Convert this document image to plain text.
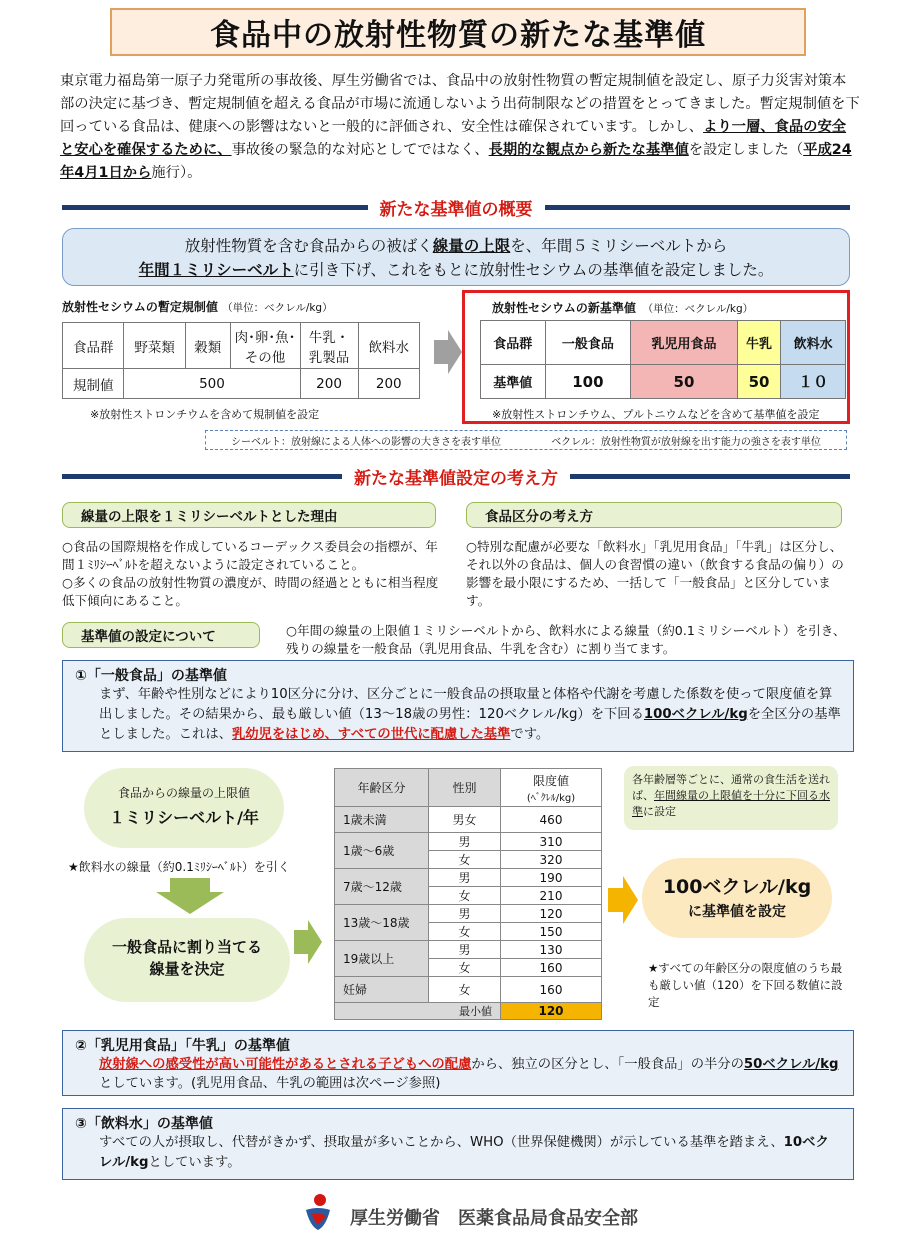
食品中の放射性物質の新たな基準値
東京電力福島第一原子力発電所の事故後、厚生労働省では、食品中の放射性物質の暫定規制値を設定し、原子力災害対策本部の決定に基づき、暫定規制値を超える食品が市場に流通しないよう出荷制限などの措置をとってきました。暫定規制値を下回っている食品は、健康への影響はないと一般的に評価され、安全性は確保されています。しかし、より一層、食品の安全と安心を確保するために、事故後の緊急的な対応としてではなく、長期的な観点から新たな基準値を設定しました（平成24年4月1日から施行）。
新たな基準値の概要
放射性物質を含む食品からの被ばく線量の上限を、年間５ミリシーベルトから
年間１ミリシーベルトに引き下げ、これをもとに放射性セシウムの基準値を設定しました。
放射性セシウムの暫定規制値 （単位：ベクレル/kg）
食品群	野菜類	穀類	肉･卵･魚･その他	牛乳・乳製品	飲料水
規制値	500			200	200
※放射性ストロンチウムを含めて規制値を設定
放射性セシウムの新基準値　 （単位：ベクレル/kg）
食品群	一般食品	乳児用食品	牛乳	飲料水
基準値	100	50	50	１０
※放射性ストロンチウム、プルトニウムなどを含めて基準値を設定
シーベルト：放射線による人体への影響の大きさを表す単位	ベクレル：放射性物質が放射線を出す能力の強さを表す単位
新たな基準値設定の考え方
線量の上限を１ミリシーベルトとした理由
○食品の国際規格を作成しているコーデックス委員会の指標が、年間１ﾐﾘｼｰﾍﾞﾙﾄを超えないように設定されていること。
○多くの食品の放射性物質の濃度が、時間の経過とともに相当程度低下傾向にあること。
食品区分の考え方
○特別な配慮が必要な「飲料水」「乳児用食品」「牛乳」は区分し、それ以外の食品は、個人の食習慣の違い（飲食する食品の偏り）の影響を最小限にするため、一括して「一般食品」と区分しています。
基準値の設定について	○年間の線量の上限値１ミリシーベルトから、飲料水による線量（約0.1ミリシーベルト）を引き、残りの線量を一般食品（乳児用食品、牛乳を含む）に割り当てます。
①「一般食品」の基準値
まず、年齢や性別などにより10区分に分け、区分ごとに一般食品の摂取量と体格や代謝を考慮した係数を使って限度値を算出しました。その結果から、最も厳しい値（13～18歳の男性：120ベクレル/kg）を下回る100ベクレル/kgを全区分の基準としました。これは、乳幼児をはじめ、すべての世代に配慮した基準です。
食品からの線量の上限値
１ミリシーベルト/年
★飲料水の線量（約0.1ﾐﾘｼｰﾍﾞﾙﾄ）を引く
一般食品に割り当てる
線量を決定
年齢区分	性別	限度値
(ﾍﾞｸﾚﾙ/kg)

1歳未満	男女	460
1歳～6歳	男	310
	女	320
7歳～12歳	男	190
	女	210
13歳～18歳	男	120
	女	150
19歳以上	男	130
	女	160
妊婦	女	160
最小値		120
各年齢層等ごとに、通常の食生活を送れば、年間線量の上限値を十分に下回る水準に設定
100ベクレル/kg
に基準値を設定
★すべての年齢区分の限度値のうち最も厳しい値（120）を下回る数値に設定
②「乳児用食品」「牛乳」の基準値
放射線への感受性が高い可能性があるとされる子どもへの配慮から、独立の区分とし、「一般食品」の半分の50ベクレル/kgとしています。(乳児用食品、牛乳の範囲は次ページ参照)
③「飲料水」の基準値
すべての人が摂取し、代替がきかず、摂取量が多いことから、WHO（世界保健機関）が示している基準を踏まえ、10ベクレル/kgとしています。
厚生労働省　医薬食品局食品安全部
